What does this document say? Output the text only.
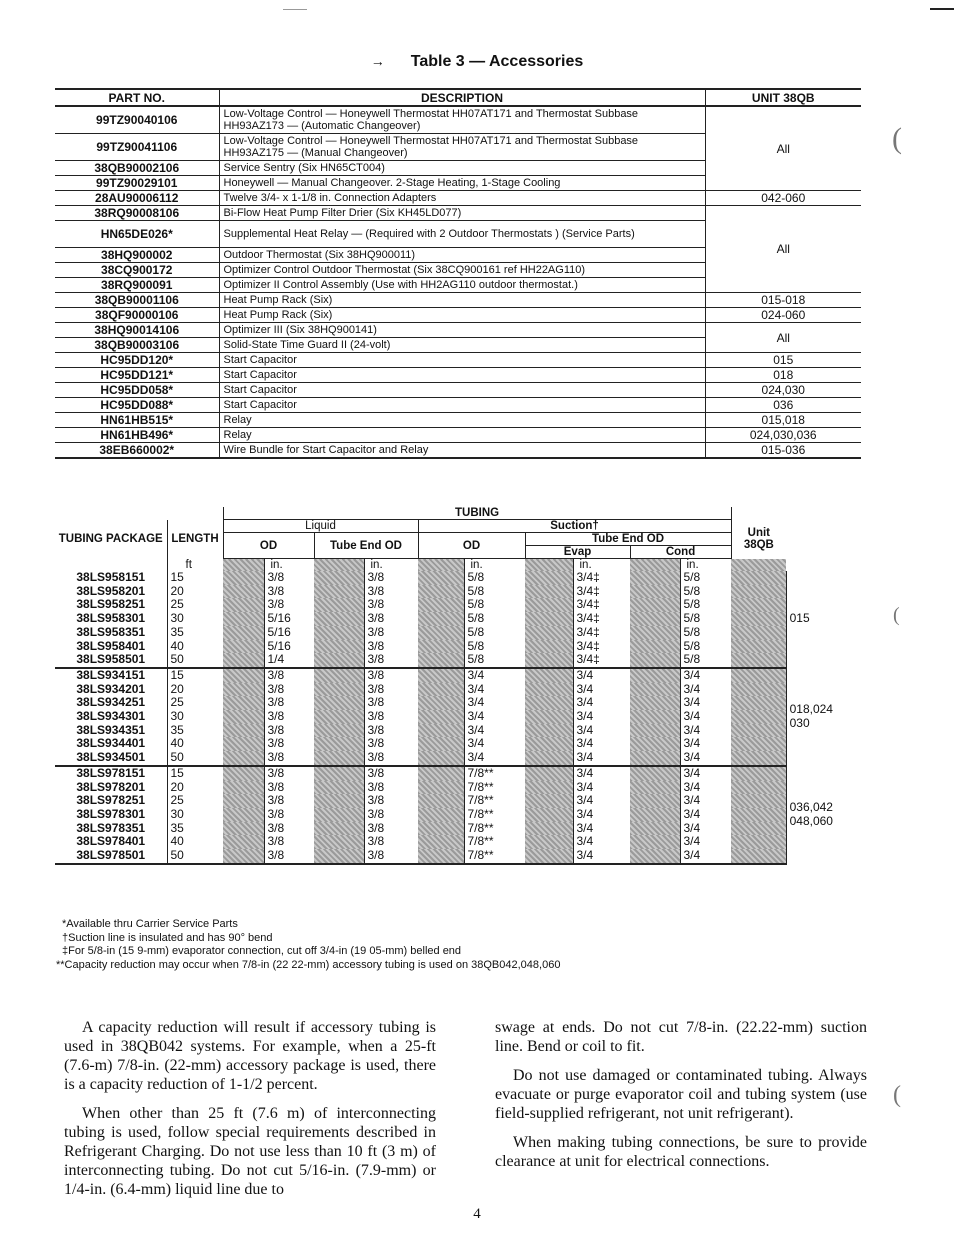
(
(
(
→ Table 3 — Accessories
PART NO.	DESCRIPTION	UNIT 38QB
99TZ90040106	Low-Voltage Control — Honeywell Thermostat HH07AT171 and Thermostat Subbase HH93AZ173 — (Automatic Changeover)	All
99TZ90041106	Low-Voltage Control — Honeywell Thermostat HH07AT171 and Thermostat Subbase HH93AZ175 — (Manual Changeover)	
38QB90002106	Service Sentry (Six HN65CT004)	
99TZ90029101	Honeywell — Manual Changeover. 2-Stage Heating, 1-Stage Cooling	
28AU90006112	Twelve 3/4- x 1-1/8 in. Connection Adapters	042-060
38RQ90008106	Bi-Flow Heat Pump Filter Drier (Six KH45LD077)	All
HN65DE026*	Supplemental Heat Relay — (Required with 2 Outdoor Thermostats ) (Service Parts)	
38HQ900002	Outdoor Thermostat (Six 38HQ900011)	
38CQ900172	Optimizer Control Outdoor Thermostat (Six 38CQ900161 ref HH22AG110)	
38RQ900091	Optimizer II Control Assembly (Use with HH2AG110 outdoor thermostat.)	
38QB90001106	Heat Pump Rack (Six)	015-018
38QF90000106	Heat Pump Rack (Six)	024-060
38HQ90014106	Optimizer III (Six 38HQ900141)	All
38QB90003106	Solid-State Time Guard II (24-volt)	
HC95DD120*	Start Capacitor	015
HC95DD121*	Start Capacitor	018
HC95DD058*	Start Capacitor	024,030
HC95DD088*	Start Capacitor	036
HN61HB515*	Relay	015,018
HN61HB496*	Relay	024,030,036
38EB660002*	Wire Bundle for Start Capacitor and Relay	015-036
		TUBING											
TUBING PACKAGE	LENGTH	Liquid				Suction†						Unit 38QB	
		OD		Tube End OD		OD		Tube End OD					
								Evap		Cond			
	ft		in.		in.		in.		in.		in.		
38LS958151	15		3/8		3/8		5/8		3/4‡		5/8		015
38LS958201	20		3/8		3/8		5/8		3/4‡		5/8		
38LS958251	25		3/8		3/8		5/8		3/4‡		5/8		
38LS958301	30		5/16		3/8		5/8		3/4‡		5/8		
38LS958351	35		5/16		3/8		5/8		3/4‡		5/8		
38LS958401	40		5/16		3/8		5/8		3/4‡		5/8		
38LS958501	50		1/4		3/8		5/8		3/4‡		5/8		
38LS934151	15		3/8		3/8		3/4		3/4		3/4		018,024 030
38LS934201	20		3/8		3/8		3/4		3/4		3/4		
38LS934251	25		3/8		3/8		3/4		3/4		3/4		
38LS934301	30		3/8		3/8		3/4		3/4		3/4		
38LS934351	35		3/8		3/8		3/4		3/4		3/4		
38LS934401	40		3/8		3/8		3/4		3/4		3/4		
38LS934501	50		3/8		3/8		3/4		3/4		3/4		
38LS978151	15		3/8		3/8		7/8**		3/4		3/4		036,042 048,060
38LS978201	20		3/8		3/8		7/8**		3/4		3/4		
38LS978251	25		3/8		3/8		7/8**		3/4		3/4		
38LS978301	30		3/8		3/8		7/8**		3/4		3/4		
38LS978351	35		3/8		3/8		7/8**		3/4		3/4		
38LS978401	40		3/8		3/8		7/8**		3/4		3/4		
38LS978501	50		3/8		3/8		7/8**		3/4		3/4		
*Available thru Carrier Service Parts
†Suction line is insulated and has 90° bend
‡For 5/8-in (15 9-mm) evaporator connection, cut off 3/4-in (19 05-mm) belled end
**Capacity reduction may occur when 7/8-in (22 22-mm) accessory tubing is used on 38QB042,048,060

A capacity reduction will result if accessory tubing is used in 38QB042 systems. For example, when a 25-ft (7.6-m) 7/8-in. (22-mm) accessory package is used, there is a capacity reduction of 1-1/2 percent.

When other than 25 ft (7.6 m) of interconnecting tubing is used, follow special requirements described in Refrigerant Charging. Do not use less than 10 ft (3 m) of interconnecting tubing. Do not cut 5/16-in. (7.9-mm) or 1/4-in. (6.4-mm) liquid line due to

swage at ends. Do not cut 7/8-in. (22.22-mm) suction line. Bend or coil to fit.

Do not use damaged or contaminated tubing. Always evacuate or purge evaporator coil and tubing system (use field-supplied refrigerant, not unit refrigerant).

When making tubing connections, be sure to provide clearance at unit for electrical connections.

4
